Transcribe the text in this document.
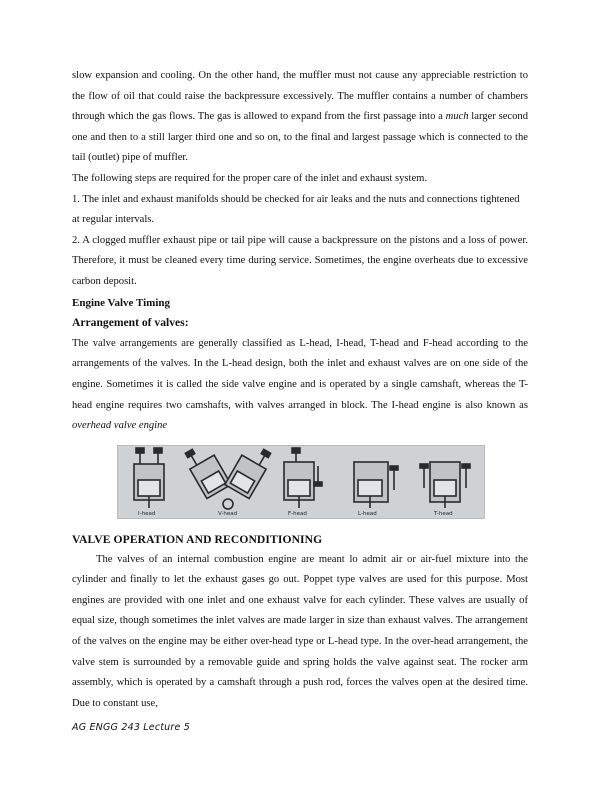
slow expansion and cooling. On the other hand, the muffler must not cause any appreciable restriction to the flow of oil that could raise the backpressure excessively. The muffler contains a number of chambers through which the gas flows. The gas is allowed to expand from the first passage into a much larger second one and then to a still larger third one and so on, to the final and largest passage which is connected to the tail (outlet) pipe of muffler.

The following steps are required for the proper care of the inlet and exhaust system.

1. The inlet and exhaust manifolds should be checked for air leaks and the nuts and connections tightened at regular intervals.

2. A clogged muffler exhaust pipe or tail pipe will cause a backpressure on the pistons and a loss of power. Therefore, it must be cleaned every time during service. Sometimes, the engine overheats due to excessive carbon deposit.

Engine Valve Timing
Arrangement of valves:

The valve arrangements are generally classified as L-head, I-head, T-head and F-head according to the arrangements of the valves. In the L-head design, both the inlet and exhaust valves are on one side of the engine. Sometimes it is called the side valve engine and is operated by a single camshaft, whereas the T-head engine requires two camshafts, with valves arranged in block. The I-head engine is also known as overhead valve engine

I-head	V-head	F-head	L-head	T-head
VALVE OPERATION AND RECONDITIONING

The valves of an internal combustion engine are meant lo admit air or air-fuel mixture into the cylinder and finally to let the exhaust gases go out. Poppet type valves are used for this purpose. Most engines are provided with one inlet and one exhaust valve for each cylinder. These valves are usually of equal size, though sometimes the inlet valves are made larger in size than exhaust valves. The arrangement of the valves on the engine may be either over-head type or L-head type. In the over-head arrangement, the valve stem is surrounded by a removable guide and spring holds the valve against seat. The rocker arm assembly, which is operated by a camshaft through a push rod, forces the valves open at the desired time. Due to constant use,

AG ENGG 243 Lecture 5
